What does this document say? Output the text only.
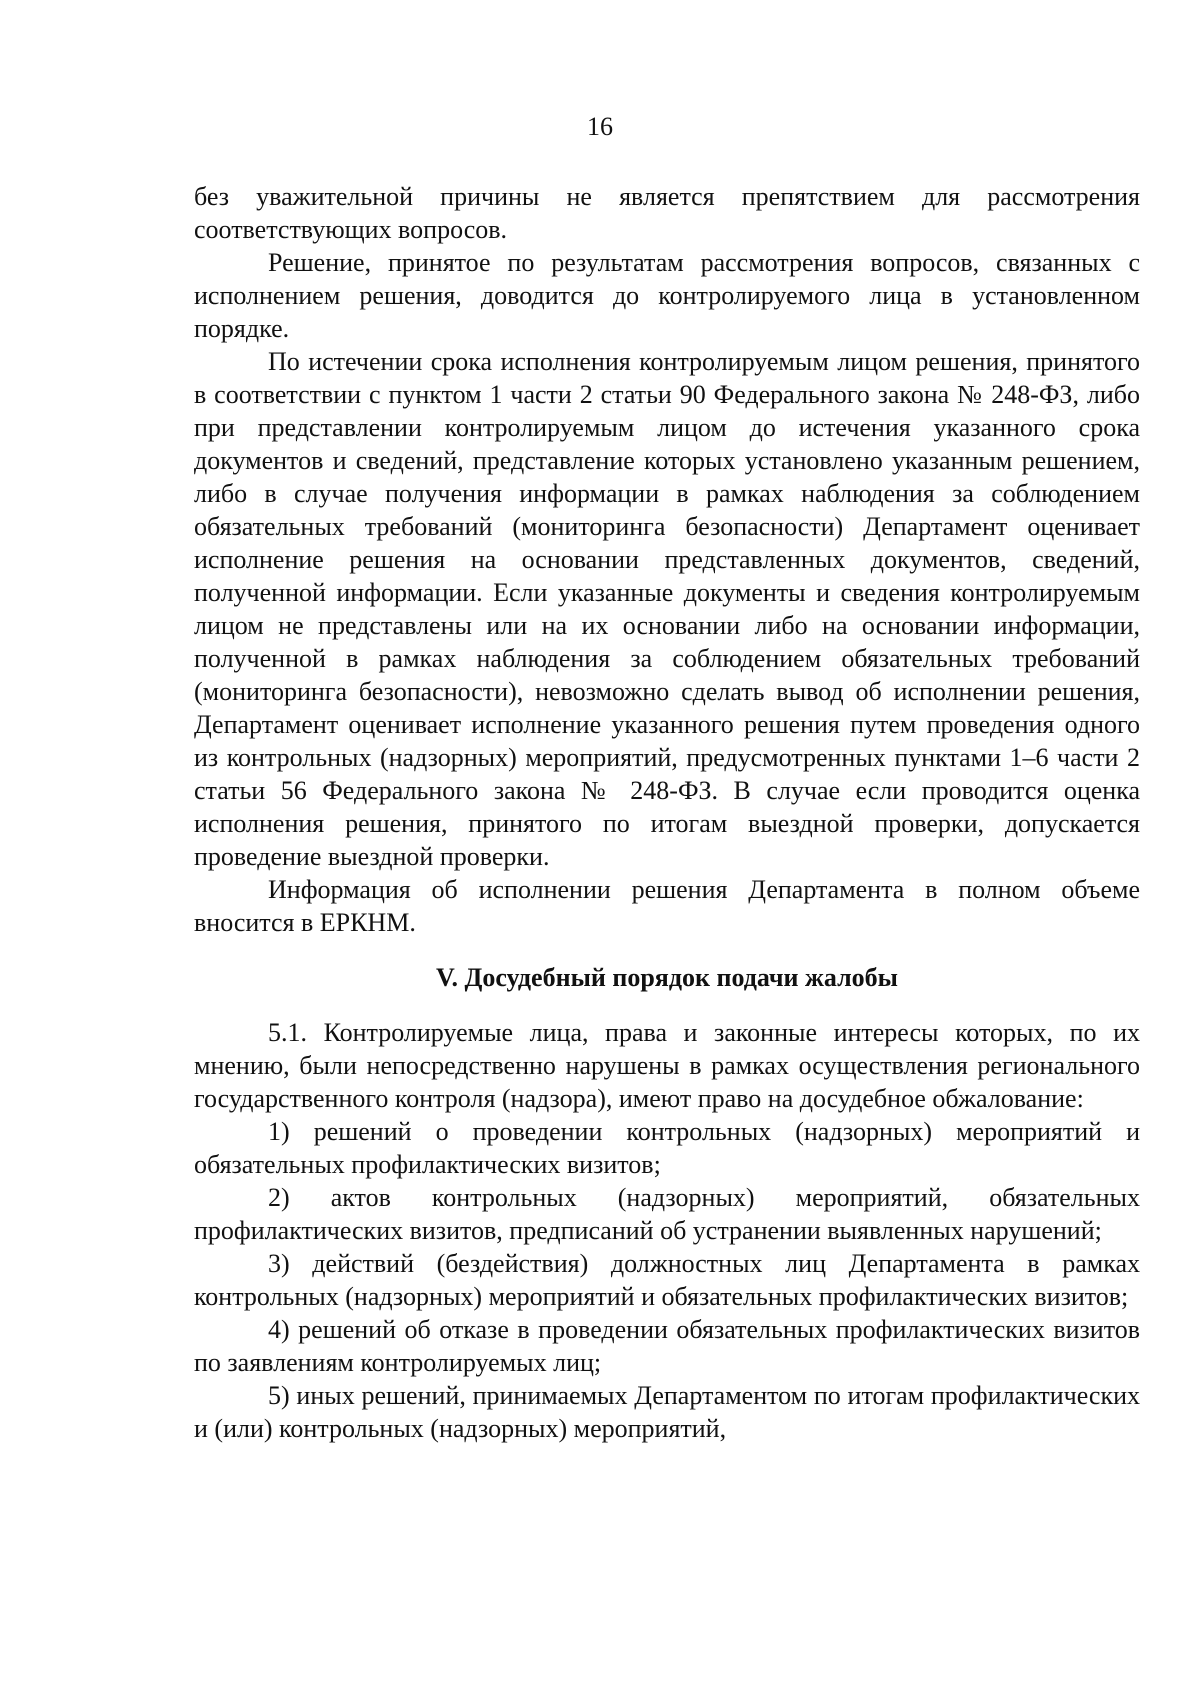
16

без уважительной причины не является препятствием для рассмотрения соответствующих вопросов.

Решение, принятое по результатам рассмотрения вопросов, связанных с исполнением решения, доводится до контролируемого лица в установленном порядке.

По истечении срока исполнения контролируемым лицом решения, принятого в соответствии с пунктом 1 части 2 статьи 90 Федерального закона № 248-ФЗ, либо при представлении контролируемым лицом до истечения указанного срока документов и сведений, представление которых установлено указанным решением, либо в случае получения информации в рамках наблюдения за соблюдением обязательных требований (мониторинга безопасности) Департамент оценивает исполнение решения на основании представленных документов, сведений, полученной информации. Если указанные документы и сведения контролируемым лицом не представлены или на их основании либо на основании информации, полученной в рамках наблюдения за соблюдением обязательных требований (мониторинга безопасности), невозможно сделать вывод об исполнении решения, Департамент оценивает исполнение указанного решения путем проведения одного из контрольных (надзорных) мероприятий, предусмотренных пунктами 1–6 части 2 статьи 56 Федерального закона № 248-ФЗ. В случае если проводится оценка исполнения решения, принятого по итогам выездной проверки, допускается проведение выездной проверки.

Информация об исполнении решения Департамента в полном объеме вносится в ЕРКНМ.

V. Досудебный порядок подачи жалобы

5.1. Контролируемые лица, права и законные интересы которых, по их мнению, были непосредственно нарушены в рамках осуществления регионального государственного контроля (надзора), имеют право на досудебное обжалование:

1) решений о проведении контрольных (надзорных) мероприятий и обязательных профилактических визитов;

2) актов контрольных (надзорных) мероприятий, обязательных профилактических визитов, предписаний об устранении выявленных нарушений;

3) действий (бездействия) должностных лиц Департамента в рамках контрольных (надзорных) мероприятий и обязательных профилактических визитов;

4) решений об отказе в проведении обязательных профилактических визитов по заявлениям контролируемых лиц;

5) иных решений, принимаемых Департаментом по итогам профилактических и (или) контрольных (надзорных) мероприятий,
